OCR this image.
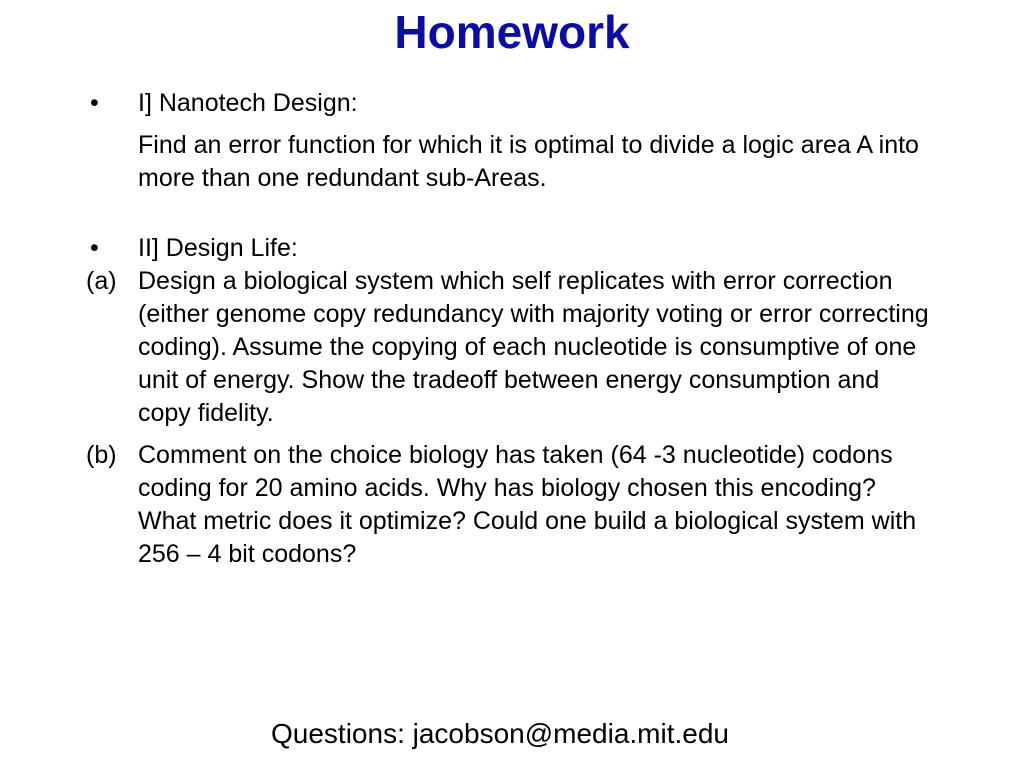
Homework
• I] Nanotech Design:
Find an error function for which it is optimal to divide a logic area A into more than one redundant sub-Areas.
• II] Design Life:
(a) Design a biological system which self replicates with error correction (either genome copy redundancy with majority voting or error correcting coding). Assume the copying of each nucleotide is consumptive of one unit of energy. Show the tradeoff between energy consumption and copy fidelity.
(b) Comment on the choice biology has taken (64 -3 nucleotide) codons coding for 20 amino acids. Why has biology chosen this encoding? What metric does it optimize? Could one build a biological system with 256 – 4 bit codons?
Questions: jacobson@media.mit.edu
